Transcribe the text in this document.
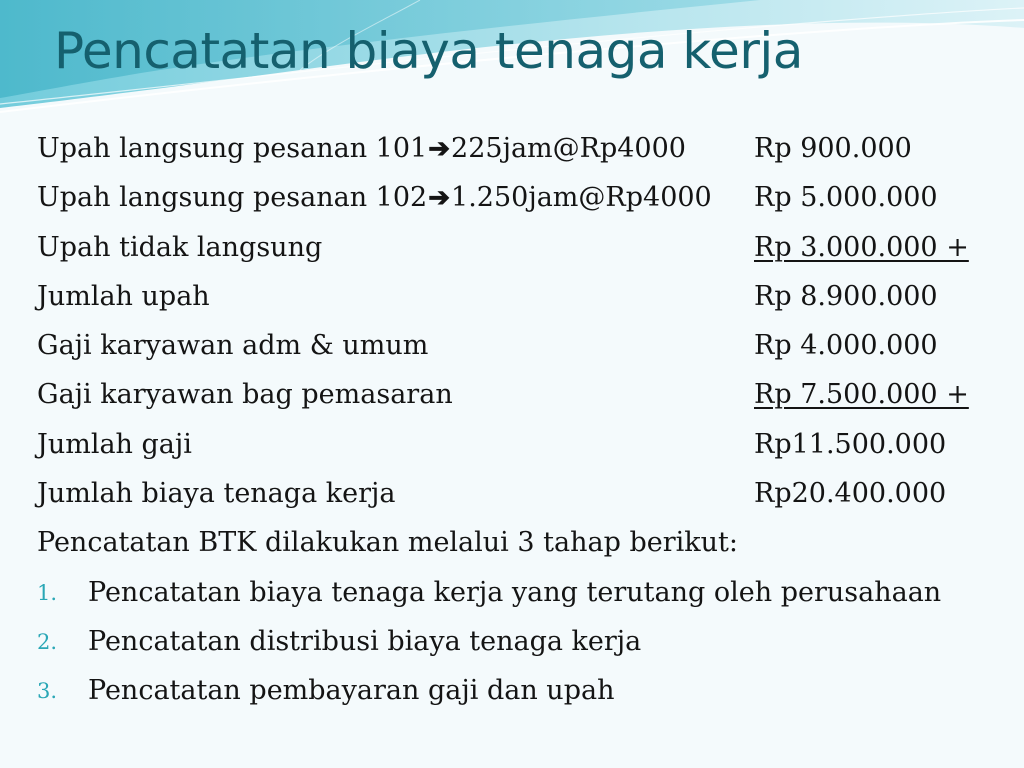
Pencatatan biaya tenaga kerja
Upah langsung pesanan 101➔225jam@Rp4000	Rp 900.000
Upah langsung pesanan 102➔1.250jam@Rp4000 Rp 5.000.000
Upah tidak langsung	Rp 3.000.000 +
Jumlah upah	Rp 8.900.000
Gaji karyawan adm & umum	Rp 4.000.000
Gaji karyawan bag pemasaran	Rp 7.500.000 +
Jumlah gaji	Rp11.500.000
Jumlah biaya tenaga kerja	Rp20.400.000
Pencatatan BTK dilakukan melalui 3 tahap berikut:
1. Pencatatan biaya tenaga kerja yang terutang oleh perusahaan
2. Pencatatan distribusi biaya tenaga kerja
3. Pencatatan pembayaran gaji dan upah
